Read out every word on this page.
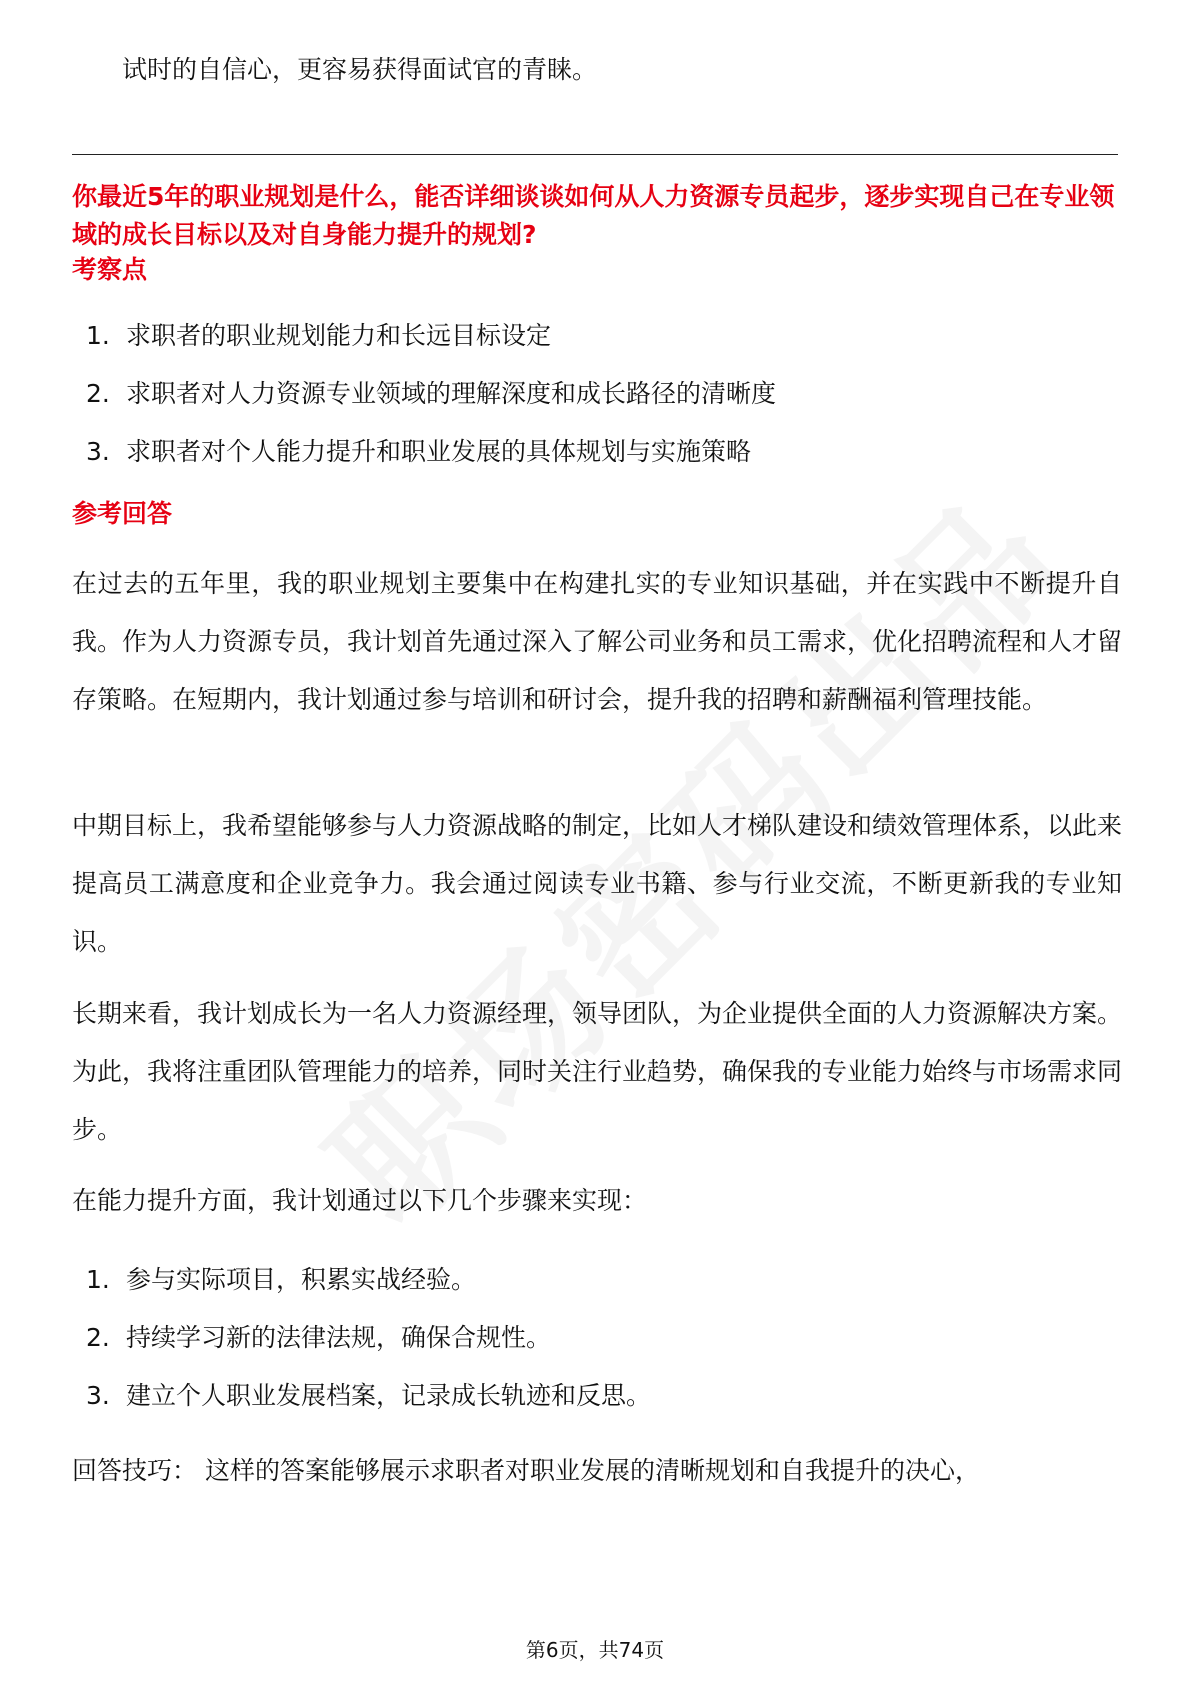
试时的自信心，更容易获得面试官的青睐。
你最近5年的职业规划是什么，能否详细谈谈如何从人力资源专员起步，逐步实现自己在专业领域的成长目标以及对自身能力提升的规划?
考察点
1. 求职者的职业规划能力和长远目标设定
2. 求职者对人力资源专业领域的理解深度和成长路径的清晰度
3. 求职者对个人能力提升和职业发展的具体规划与实施策略
参考回答

在过去的五年里，我的职业规划主要集中在构建扎实的专业知识基础，并在实践中不断提升自我。作为人力资源专员，我计划首先通过深入了解公司业务和员工需求，优化招聘流程和人才留存策略。在短期内，我计划通过参与培训和研讨会，提升我的招聘和薪酬福利管理技能。

中期目标上，我希望能够参与人力资源战略的制定，比如人才梯队建设和绩效管理体系，以此来提高员工满意度和企业竞争力。我会通过阅读专业书籍、参与行业交流，不断更新我的专业知识。

长期来看，我计划成长为一名人力资源经理，领导团队，为企业提供全面的人力资源解决方案。为此，我将注重团队管理能力的培养，同时关注行业趋势，确保我的专业能力始终与市场需求同步。

在能力提升方面，我计划通过以下几个步骤来实现：

1. 参与实际项目，积累实战经验。
2. 持续学习新的法律法规，确保合规性。
3. 建立个人职业发展档案，记录成长轨迹和反思。

回答技巧： 这样的答案能够展示求职者对职业发展的清晰规划和自我提升的决心，

第6页，共74页
